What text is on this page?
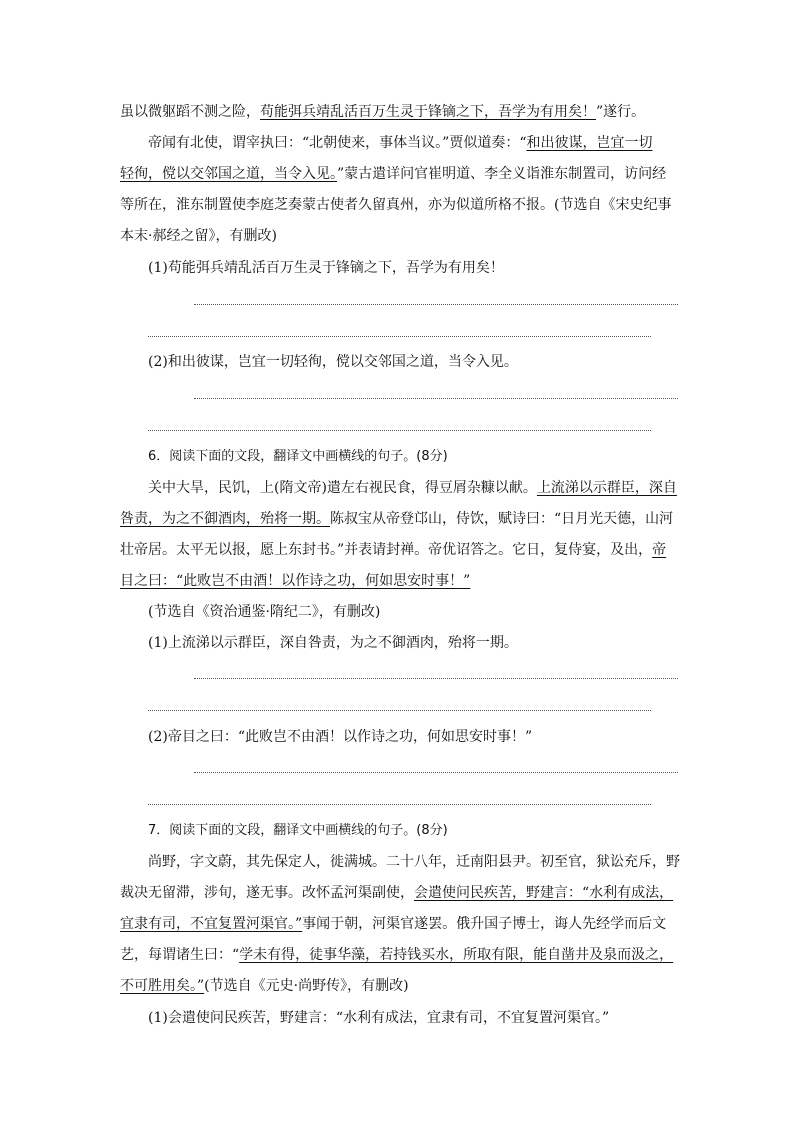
虽以微躯蹈不测之险，苟能弭兵靖乱活百万生灵于锋镝之下，吾学为有用矣！”遂行。
帝闻有北使，谓宰执曰：“北朝使来，事体当议。”贾似道奏：“和出彼谋，岂宜一切
轻徇，傥以交邻国之道，当令入见。”蒙古遣详问官崔明道、李全义诣淮东制置司，访问经
等所在，淮东制置使李庭芝奏蒙古使者久留真州，亦为似道所格不报。(节选自《宋史纪事
本末·郝经之留》，有删改)
(1)苟能弭兵靖乱活百万生灵于锋镝之下，吾学为有用矣！
(2)和出彼谋，岂宜一切轻徇，傥以交邻国之道，当令入见。
6．阅读下面的文段，翻译文中画横线的句子。(8分)
关中大旱，民饥，上(隋文帝)遣左右视民食，得豆屑杂糠以献。上流涕以示群臣，深自
咎责，为之不御酒肉，殆将一期。陈叔宝从帝登邙山，侍饮，赋诗曰：“日月光天德，山河
壮帝居。太平无以报，愿上东封书。”并表请封禅。帝优诏答之。它日，复侍宴，及出，帝
目之曰：“此败岂不由酒！以作诗之功，何如思安时事！”
(节选自《资治通鉴·隋纪二》，有删改)
(1)上流涕以示群臣，深自咎责，为之不御酒肉，殆将一期。
(2)帝目之曰：“此败岂不由酒！以作诗之功，何如思安时事！”
7．阅读下面的文段，翻译文中画横线的句子。(8分)
尚野，字文蔚，其先保定人，徙满城。二十八年，迁南阳县尹。初至官，狱讼充斥，野
裁决无留滞，涉旬，遂无事。改怀孟河渠副使，会遣使问民疾苦，野建言：“水利有成法，
宜隶有司，不宜复置河渠官。”事闻于朝，河渠官遂罢。俄升国子博士，诲人先经学而后文
艺，每谓诸生曰：“学未有得，徒事华藻，若持钱买水，所取有限，能自凿井及泉而汲之，
不可胜用矣。”(节选自《元史·尚野传》，有删改)
(1)会遣使问民疾苦，野建言：“水利有成法，宜隶有司，不宜复置河渠官。”
